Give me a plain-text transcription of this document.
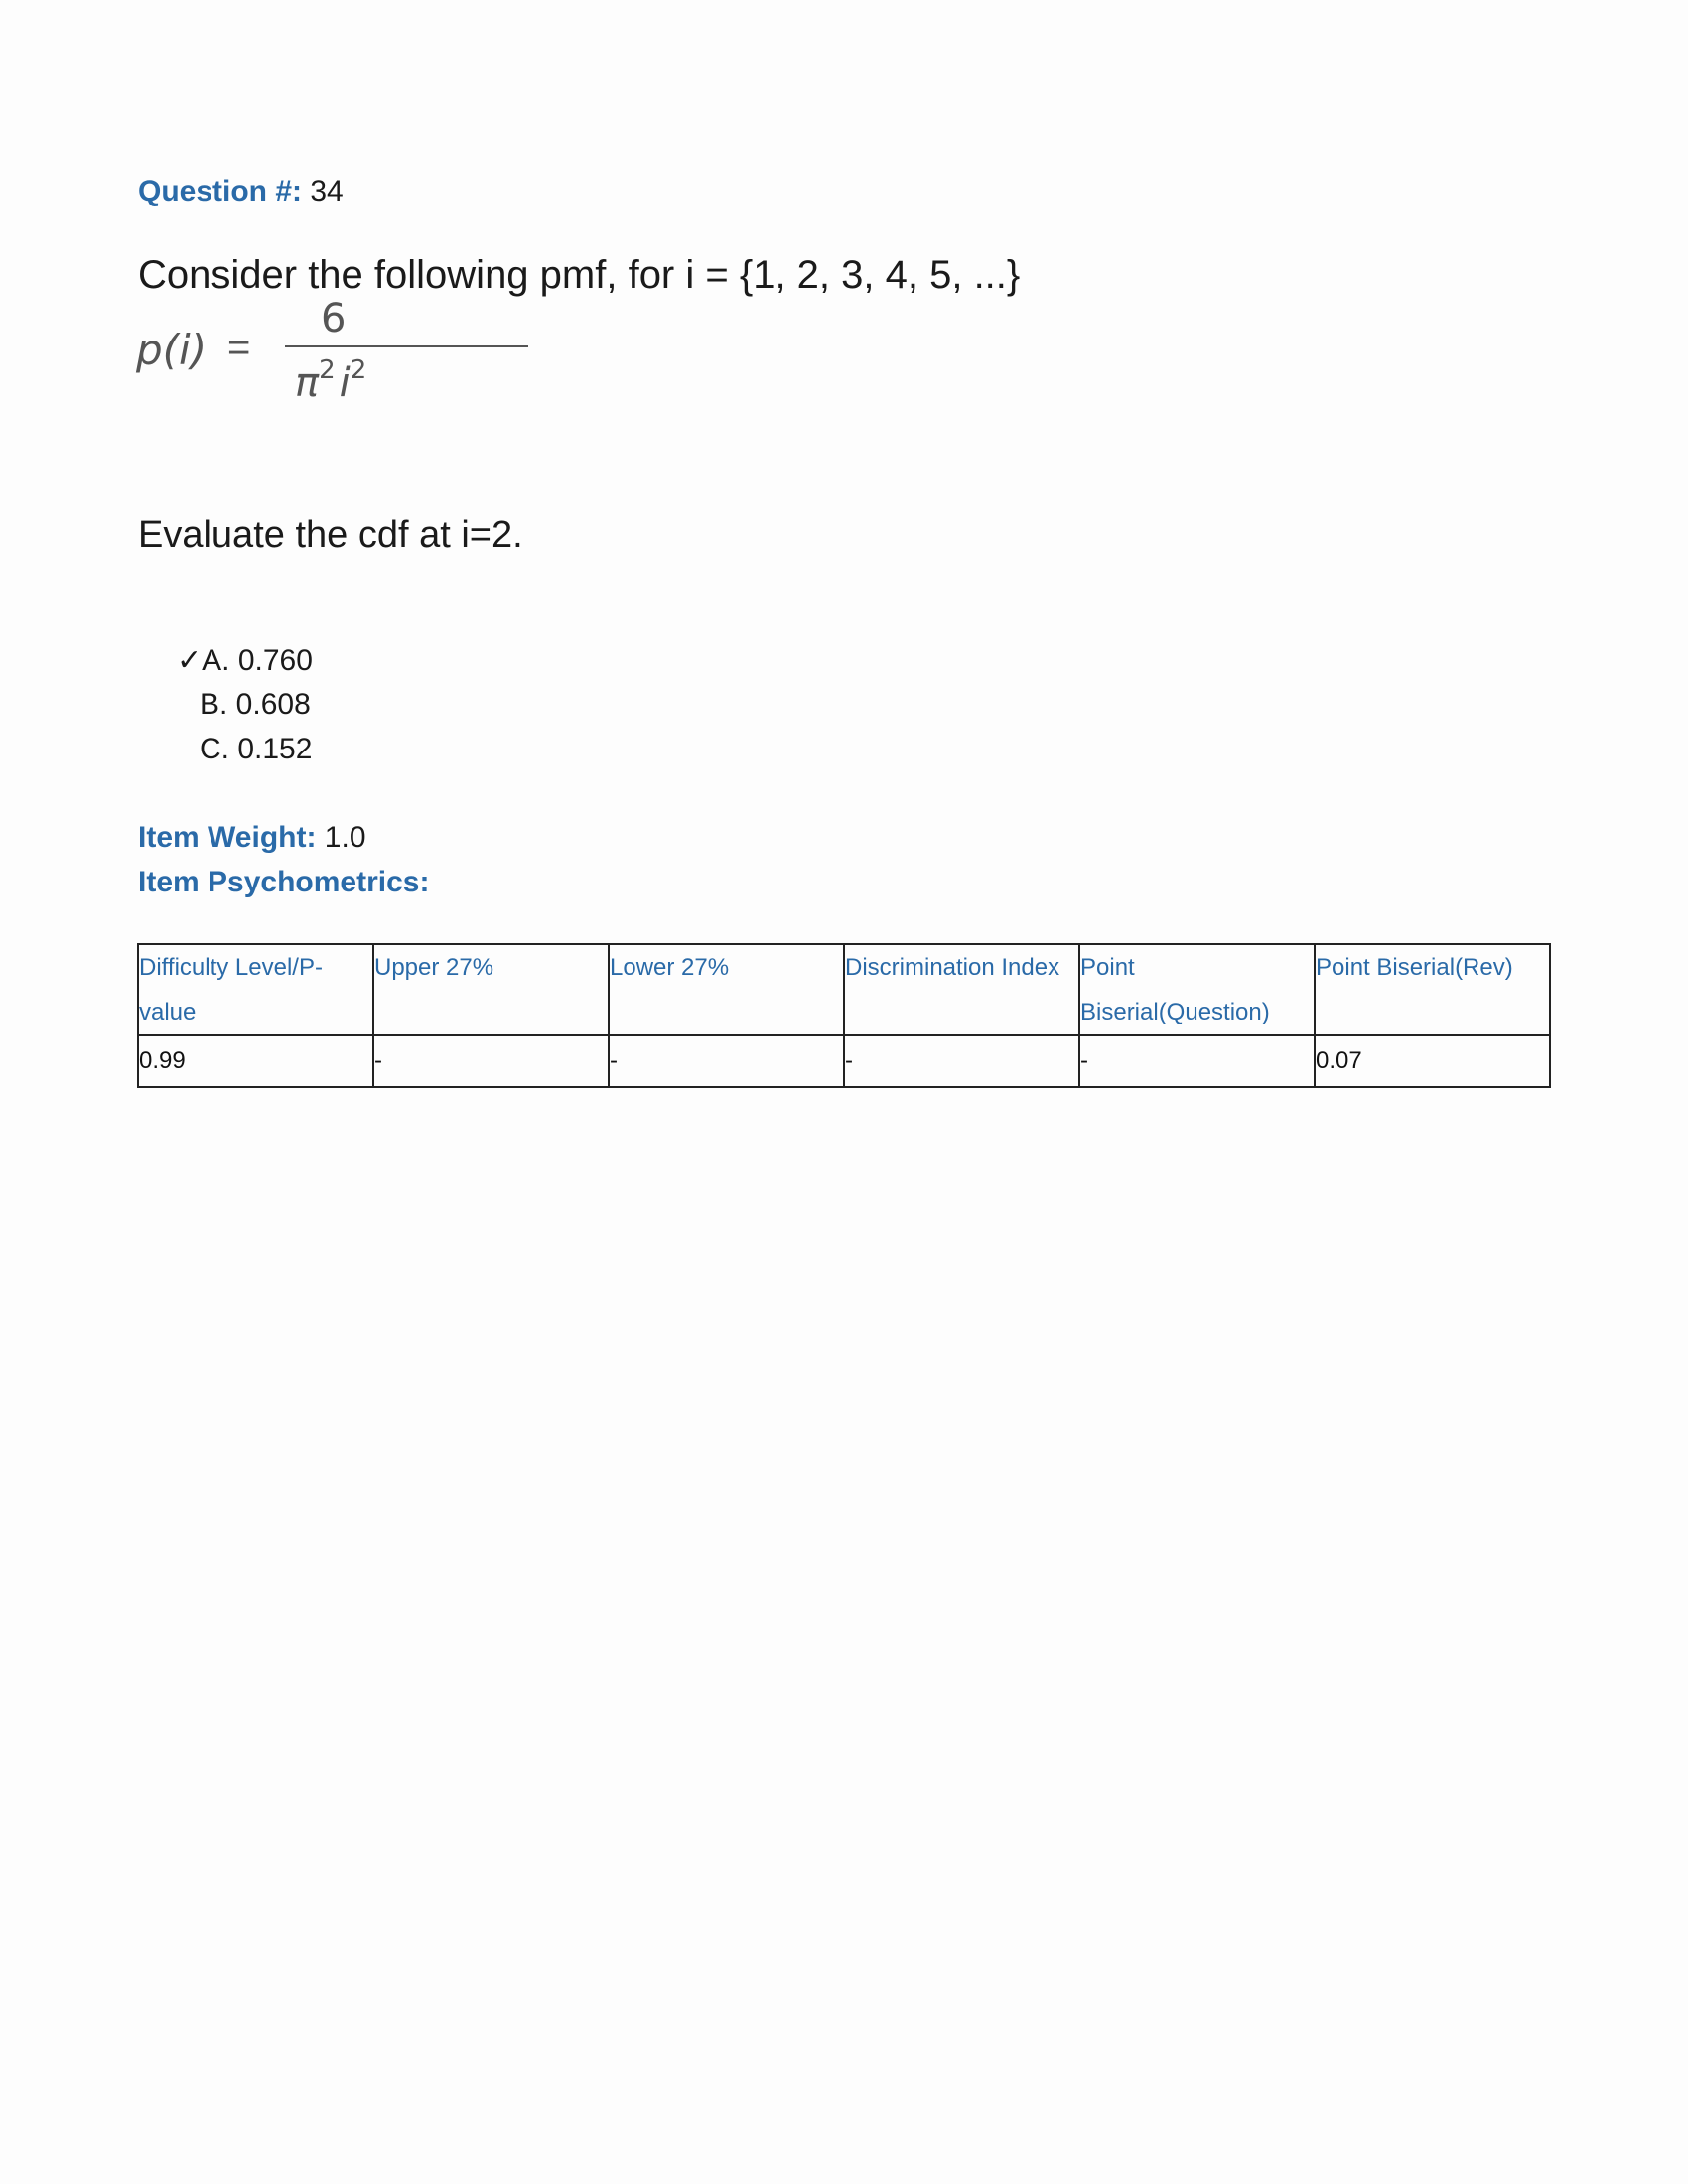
Question #: 34
Consider the following pmf, for i = {1, 2, 3, 4, 5, ...}
p(i) =
6
$\pi^2$ $i^2$
Evaluate the cdf at i=2.
✓A. 0.760
B. 0.608
C. 0.152
Item Weight: 1.0
Item Psychometrics:
Difficulty Level/P-value	Upper 27%	Lower 27%	Discrimination Index	Point Biserial(Question)	Point Biserial(Rev)
0.99	-	-	-	-	0.07
